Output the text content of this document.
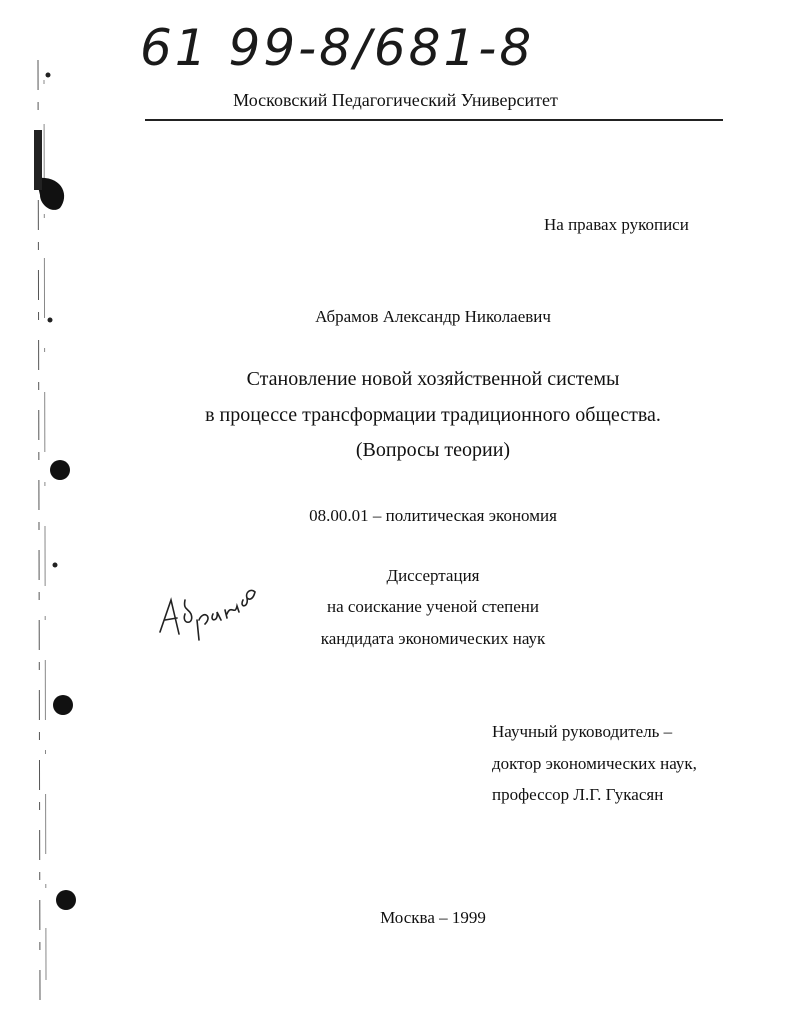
61 99-8/681-8
Московский Педагогический Университет
На правах рукописи
Абрамов Александр Николаевич
Становление новой хозяйственной системы
в процессе трансформации традиционного общества.
(Вопросы теории)
08.00.01 – политическая экономия
Диссертация
на соискание ученой степени
кандидата экономических наук
Научный руководитель –
доктор экономических наук,
профессор Л.Г. Гукасян
Москва – 1999
